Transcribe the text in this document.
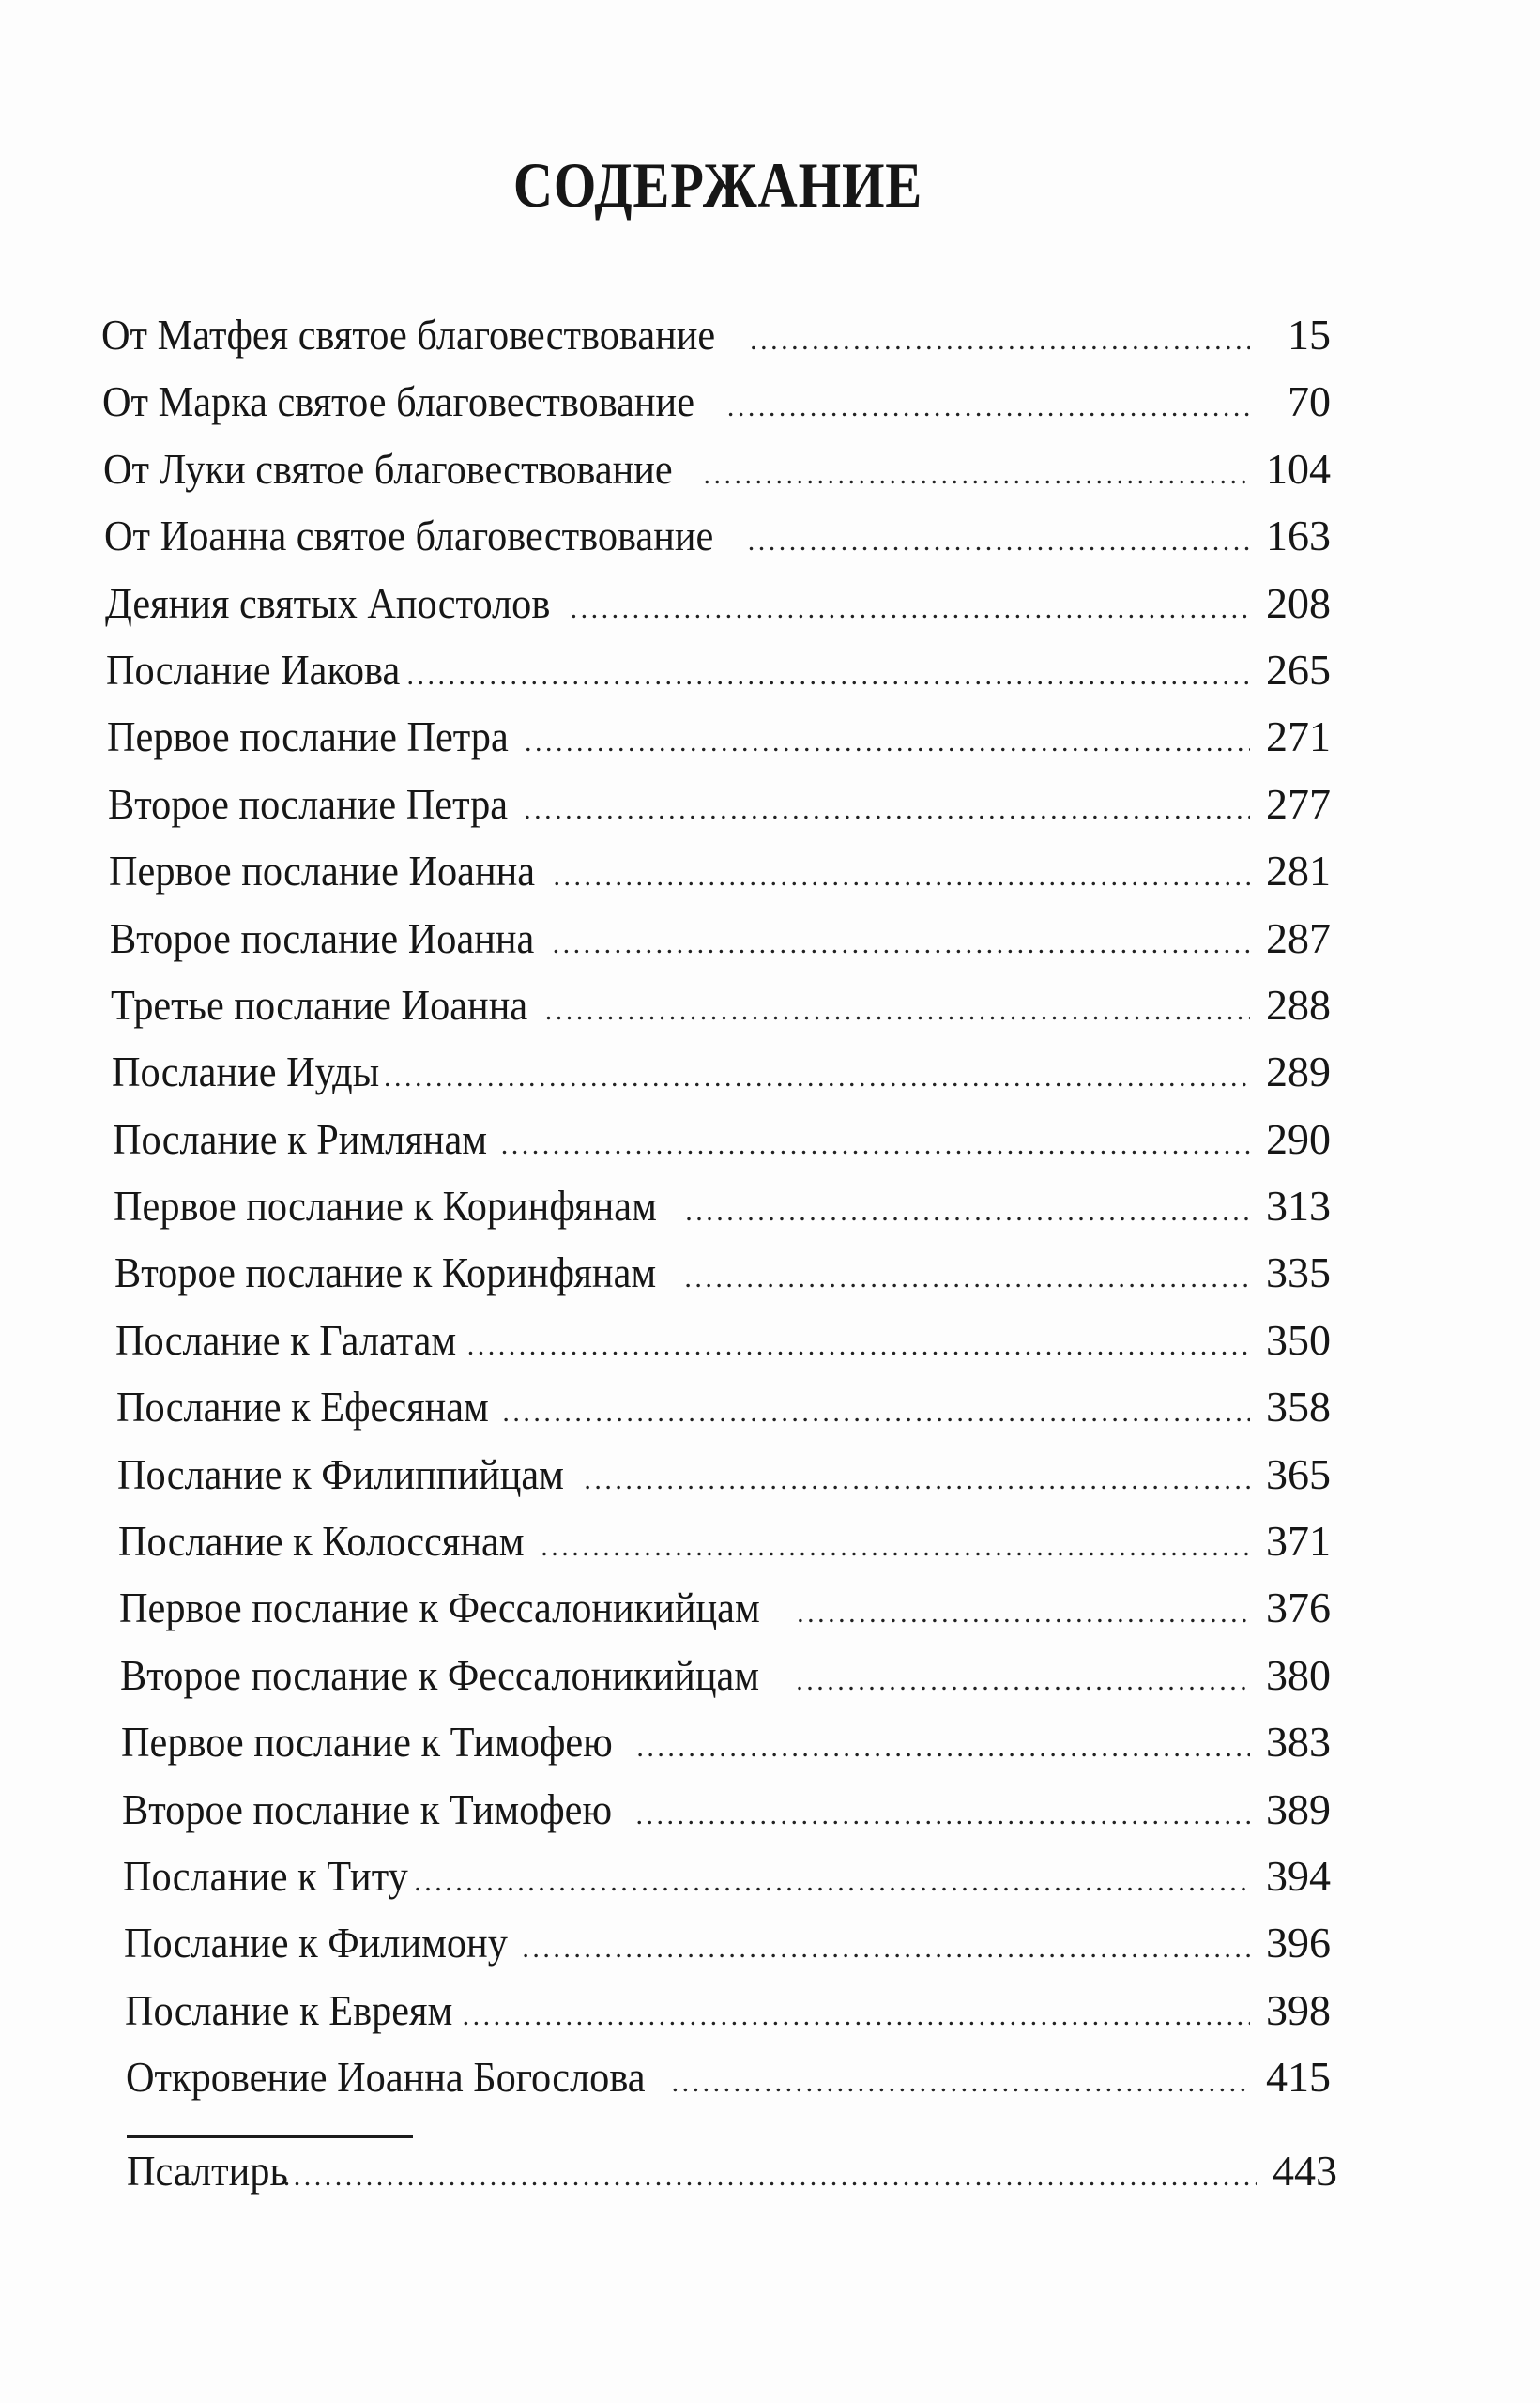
СОДЕРЖАНИЕ
От Матфея святое благовествование .....	15
От Марка святое благовествование .....	70
От Луки святое благовествование .....	104
От Иоанна святое благовествование .....	163
Деяния святых Апостолов .....	208
Послание Иакова .....	265
Первое послание Петра .....	271
Второе послание Петра .....	277
Первое послание Иоанна .....	281
Второе послание Иоанна .....	287
Третье послание Иоанна .....	288
Послание Иуды .....	289
Послание к Римлянам .....	290
Первое послание к Коринфянам .....	313
Второе послание к Коринфянам .....	335
Послание к Галатам .....	350
Послание к Ефесянам .....	358
Послание к Филиппийцам .....	365
Послание к Колоссянам .....	371
Первое послание к Фессалоникийцам .....	376
Второе послание к Фессалоникийцам .....	380
Первое послание к Тимофею .....	383
Второе послание к Тимофею .....	389
Послание к Титу .....	394
Послание к Филимону .....	396
Послание к Евреям .....	398
Откровение Иоанна Богослова .....	415
Псалтирь .....	443
